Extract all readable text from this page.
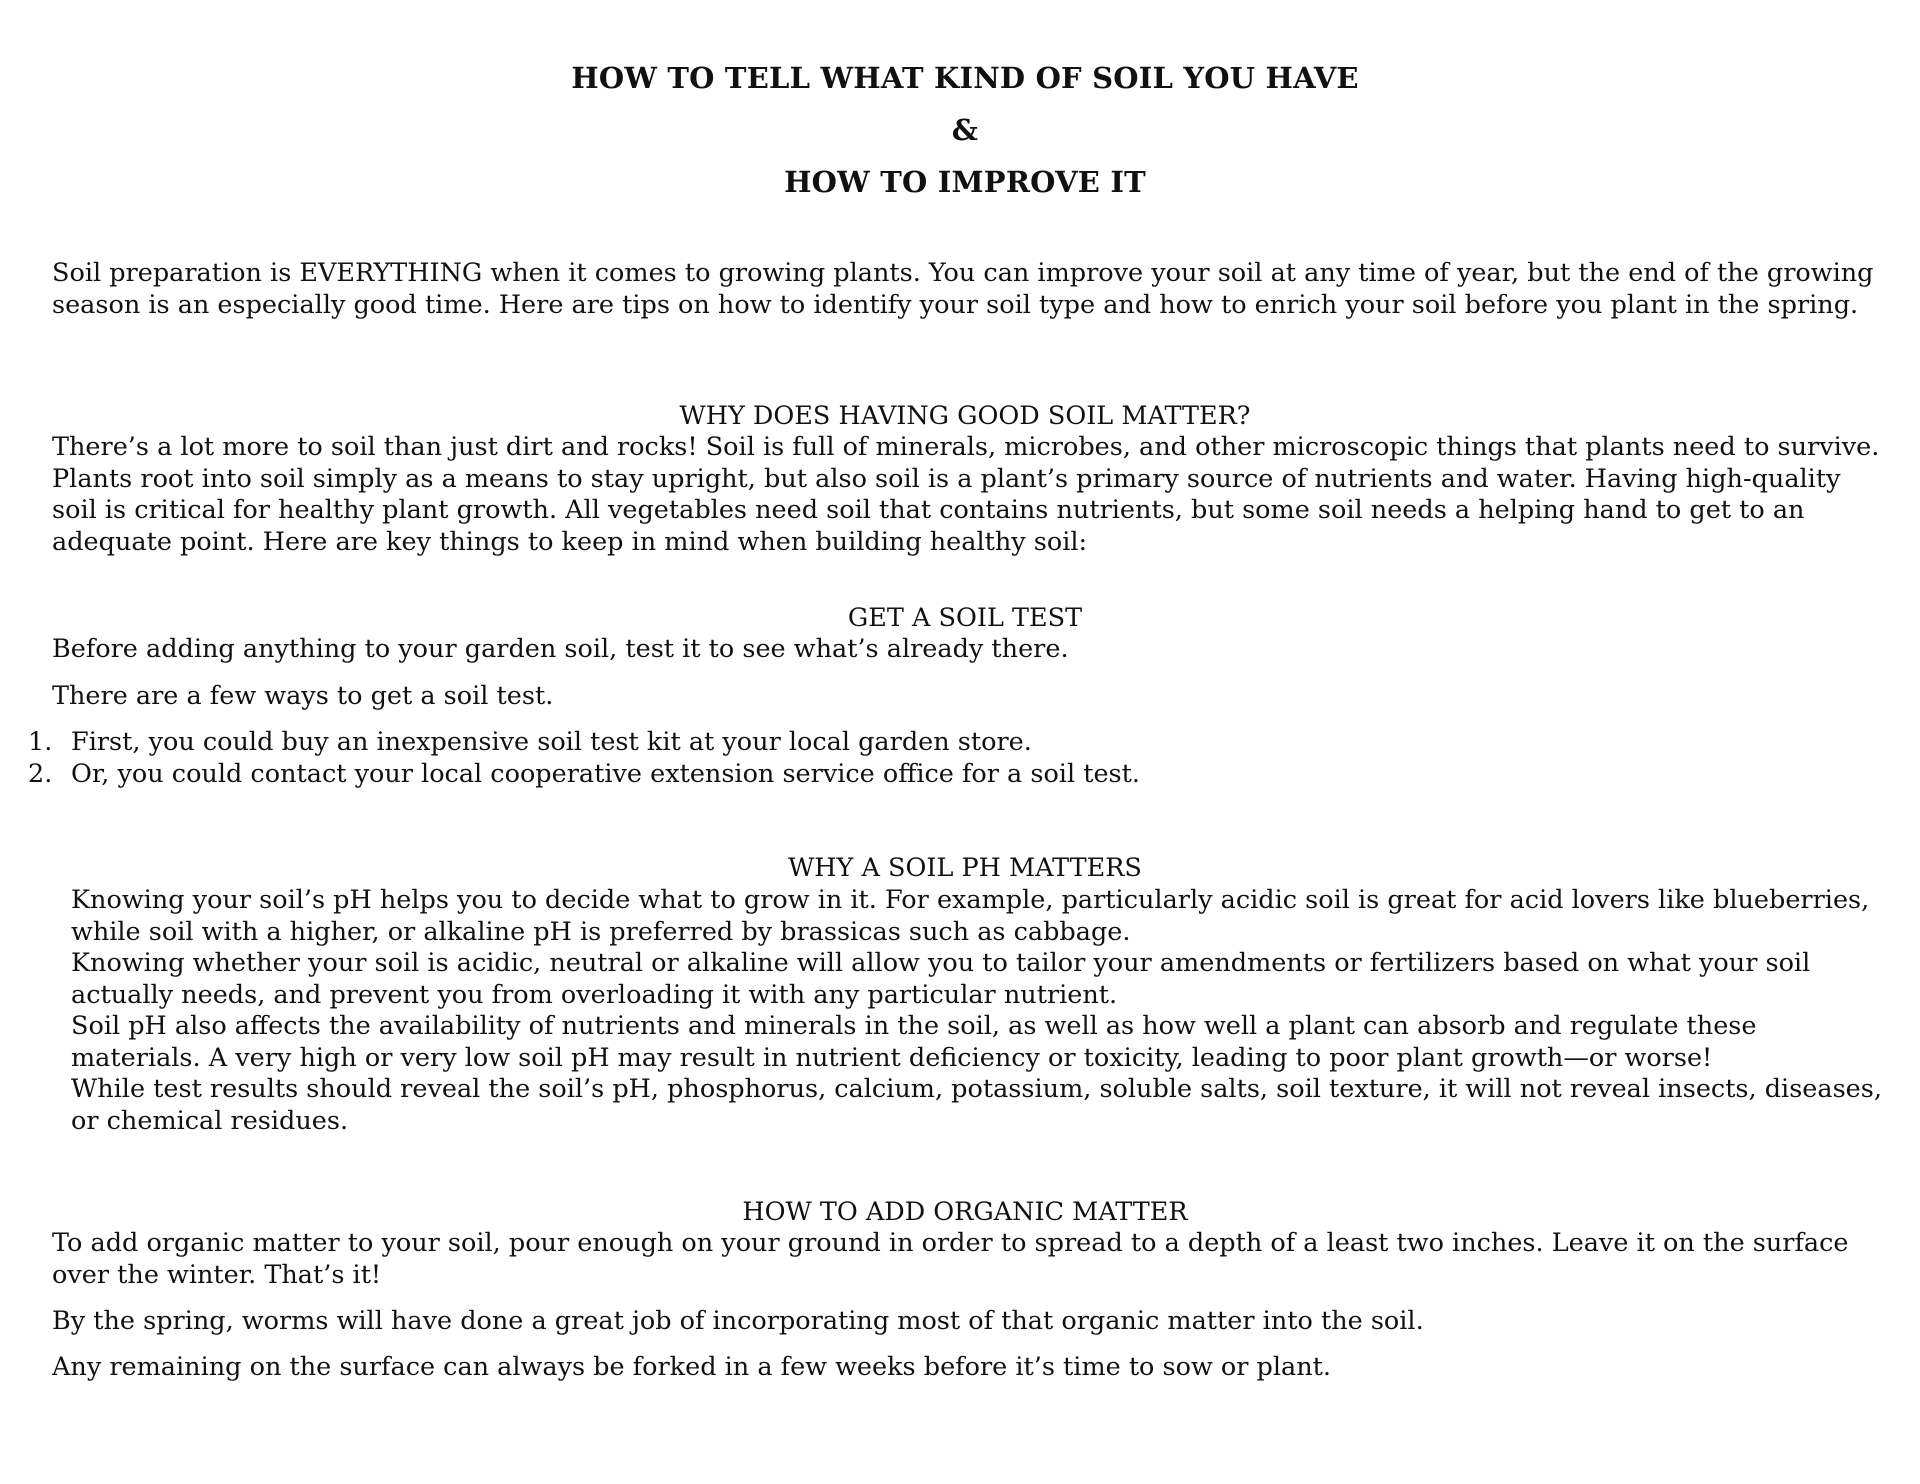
HOW TO TELL WHAT KIND OF SOIL YOU HAVE
&
HOW TO IMPROVE IT

Soil preparation is EVERYTHING when it comes to growing plants. You can improve your soil at any time of year, but the end of the growing season is an especially good time. Here are tips on how to identify your soil type and how to enrich your soil before you plant in the spring.

WHY DOES HAVING GOOD SOIL MATTER?

There’s a lot more to soil than just dirt and rocks! Soil is full of minerals, microbes, and other microscopic things that plants need to survive. Plants root into soil simply as a means to stay upright, but also soil is a plant’s primary source of nutrients and water. Having high-quality soil is critical for healthy plant growth. All vegetables need soil that contains nutrients, but some soil needs a helping hand to get to an adequate point. Here are key things to keep in mind when building healthy soil:

GET A SOIL TEST

Before adding anything to your garden soil, test it to see what’s already there.

There are a few ways to get a soil test.

1. First, you could buy an inexpensive soil test kit at your local garden store.
2. Or, you could contact your local cooperative extension service office for a soil test.

WHY A SOIL PH MATTERS

Knowing your soil’s pH helps you to decide what to grow in it. For example, particularly acidic soil is great for acid lovers like blueberries, while soil with a higher, or alkaline pH is preferred by brassicas such as cabbage.

Knowing whether your soil is acidic, neutral or alkaline will allow you to tailor your amendments or fertilizers based on what your soil actually needs, and prevent you from overloading it with any particular nutrient.

Soil pH also affects the availability of nutrients and minerals in the soil, as well as how well a plant can absorb and regulate these materials. A very high or very low soil pH may result in nutrient deficiency or toxicity, leading to poor plant growth—or worse!

While test results should reveal the soil’s pH, phosphorus, calcium, potassium, soluble salts, soil texture, it will not reveal insects, diseases, or chemical residues.

HOW TO ADD ORGANIC MATTER

To add organic matter to your soil, pour enough on your ground in order to spread to a depth of a least two inches. Leave it on the surface over the winter. That’s it!

By the spring, worms will have done a great job of incorporating most of that organic matter into the soil.

Any remaining on the surface can always be forked in a few weeks before it’s time to sow or plant.
